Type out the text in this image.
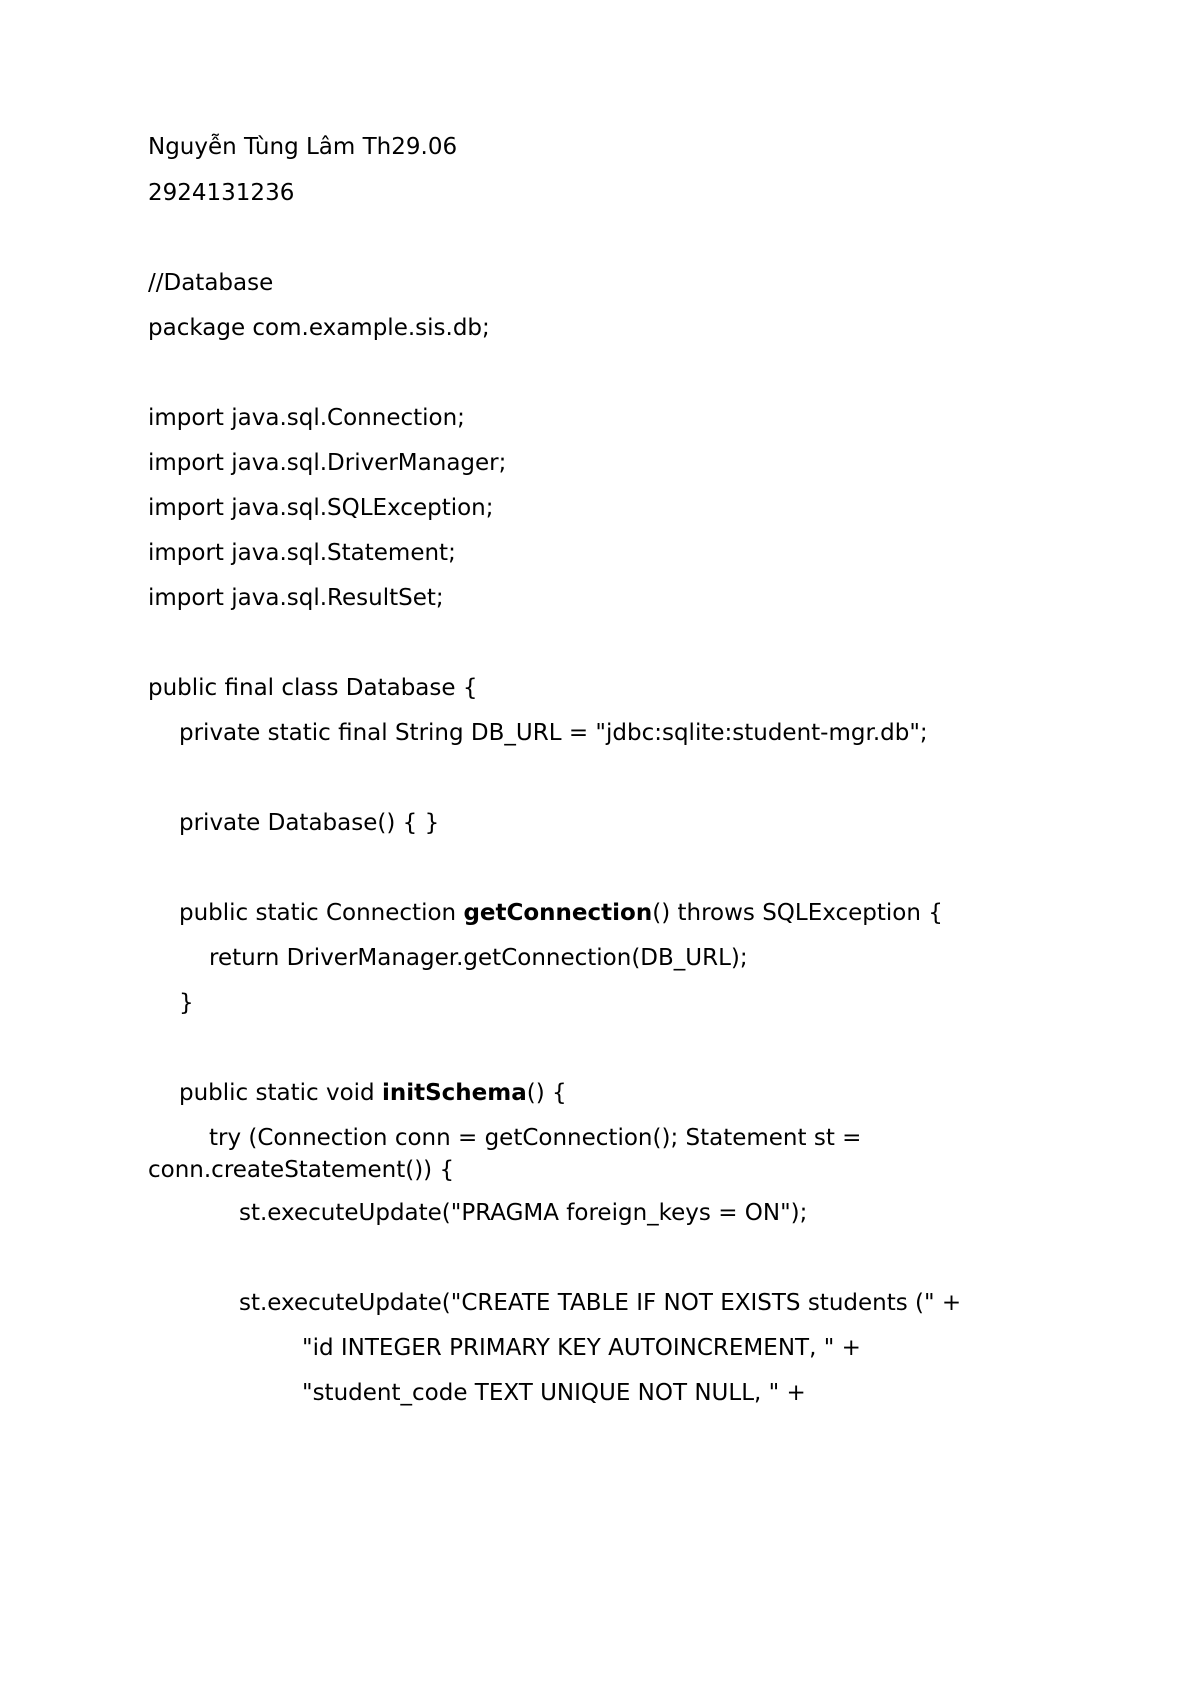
Nguyễn Tùng Lâm Th29.06
2924131236
//Database
package com.example.sis.db;
import java.sql.Connection;
import java.sql.DriverManager;
import java.sql.SQLException;
import java.sql.Statement;
import java.sql.ResultSet;
public final class Database {
private static final String DB_URL = "jdbc:sqlite:student-mgr.db";
private Database() { }
public static Connection getConnection() throws SQLException {
return DriverManager.getConnection(DB_URL);
}
public static void initSchema() {
try (Connection conn = getConnection(); Statement st =
conn.createStatement()) {
st.executeUpdate("PRAGMA foreign_keys = ON");
st.executeUpdate("CREATE TABLE IF NOT EXISTS students (" +
"id INTEGER PRIMARY KEY AUTOINCREMENT, " +
"student_code TEXT UNIQUE NOT NULL, " +
